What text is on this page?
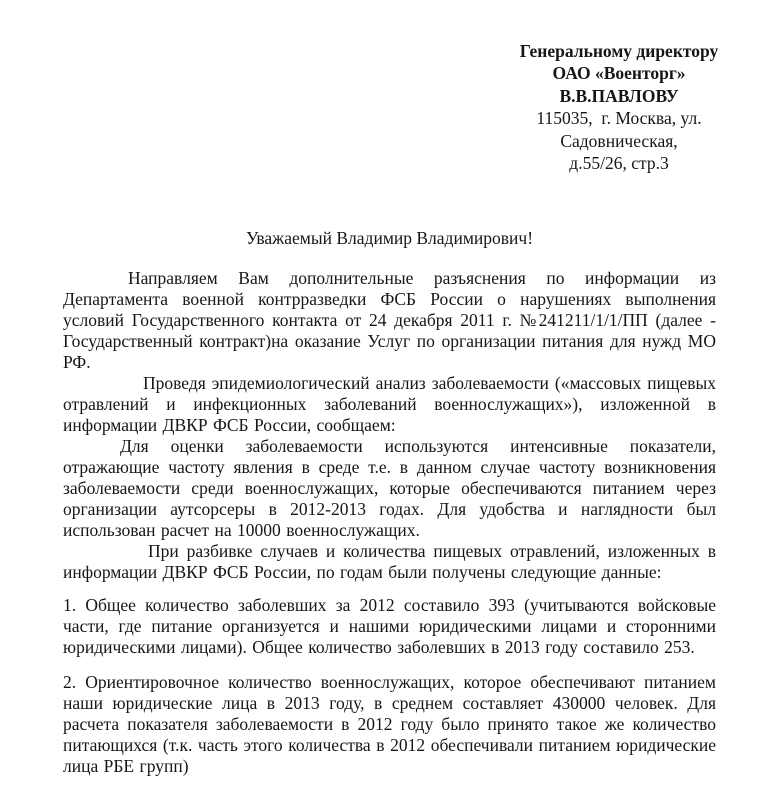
Генеральному директору
ОАО «Военторг»
В.В.ПАВЛОВУ
115035,  г. Москва, ул.
Садовническая,
д.55/26, стр.3
Уважаемый Владимир Владимирович!

Направляем Вам дополнительные разъяснения по информации из Департамента военной контрразведки ФСБ России о нарушениях выполнения условий Государственного контакта от 24 декабря 2011 г. №241211/1/1/ПП (далее - Государственный контракт)на оказание Услуг по организации питания для нужд МО РФ.

Проведя эпидемиологический анализ заболеваемости («массовых пищевых отравлений и инфекционных заболеваний военнослужащих»), изложенной в информации ДВКР ФСБ России, сообщаем:

Для оценки заболеваемости используются интенсивные показатели, отражающие частоту явления в среде т.е. в данном случае частоту возникновения заболеваемости среди военнослужащих, которые обеспечиваются питанием через организации аутсорсеры в 2012-2013 годах. Для удобства и наглядности был использован расчет на 10000 военнослужащих.

При разбивке случаев и количества пищевых отравлений, изложенных в информации ДВКР ФСБ России, по годам были получены следующие данные:

1. Общее количество заболевших за 2012 составило 393 (учитываются войсковые части, где питание организуется и нашими юридическими лицами и сторонними юридическими лицами). Общее количество заболевших в 2013 году составило 253.

2. Ориентировочное количество военнослужащих, которое обеспечивают питанием наши юридические лица в 2013 году, в среднем составляет 430000 человек. Для расчета показателя заболеваемости в 2012 году было принято такое же количество питающихся (т.к. часть этого количества в 2012 обеспечивали питанием юридические лица РБЕ групп)
